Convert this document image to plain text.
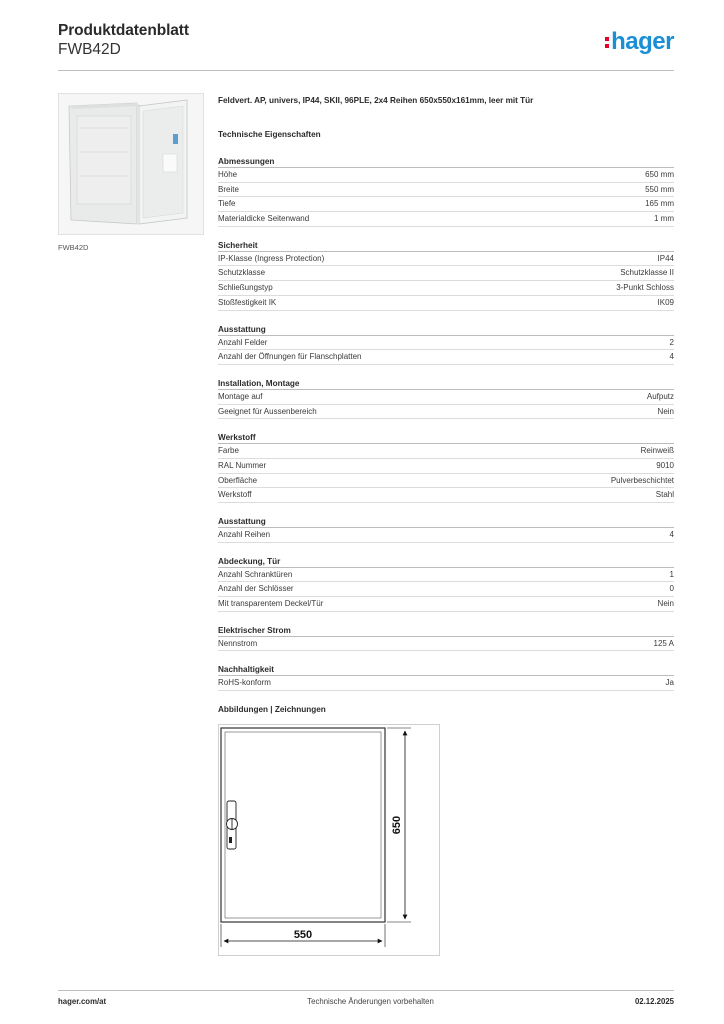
Produktdatenblatt
FWB42D	hager
FWB42D
Feldvert. AP, univers, IP44, SKII, 96PLE, 2x4 Reihen 650x550x161mm, leer mit Tür
Technische Eigenschaften
Abmessungen
Höhe	650 mm
Breite	550 mm
Tiefe	165 mm
Materialdicke Seitenwand	1 mm
Sicherheit
IP-Klasse (Ingress Protection)	IP44
Schutzklasse	Schutzklasse II
Schließungstyp	3-Punkt Schloss
Stoßfestigkeit IK	IK09
Ausstattung
Anzahl Felder	2
Anzahl der Öffnungen für Flanschplatten	4
Installation, Montage
Montage auf	Aufputz
Geeignet für Aussenbereich	Nein
Werkstoff
Farbe	Reinweiß
RAL Nummer	9010
Oberfläche	Pulverbeschichtet
Werkstoff	Stahl
Ausstattung
Anzahl Reihen	4
Abdeckung, Tür
Anzahl Schranktüren	1
Anzahl der Schlösser	0
Mit transparentem Deckel/Tür	Nein
Elektrischer Strom
Nennstrom	125 A
Nachhaltigkeit
RoHS-konform	Ja
Abbildungen | Zeichnungen
650
550
hager.com/at	Technische Änderungen vorbehalten	02.12.2025
